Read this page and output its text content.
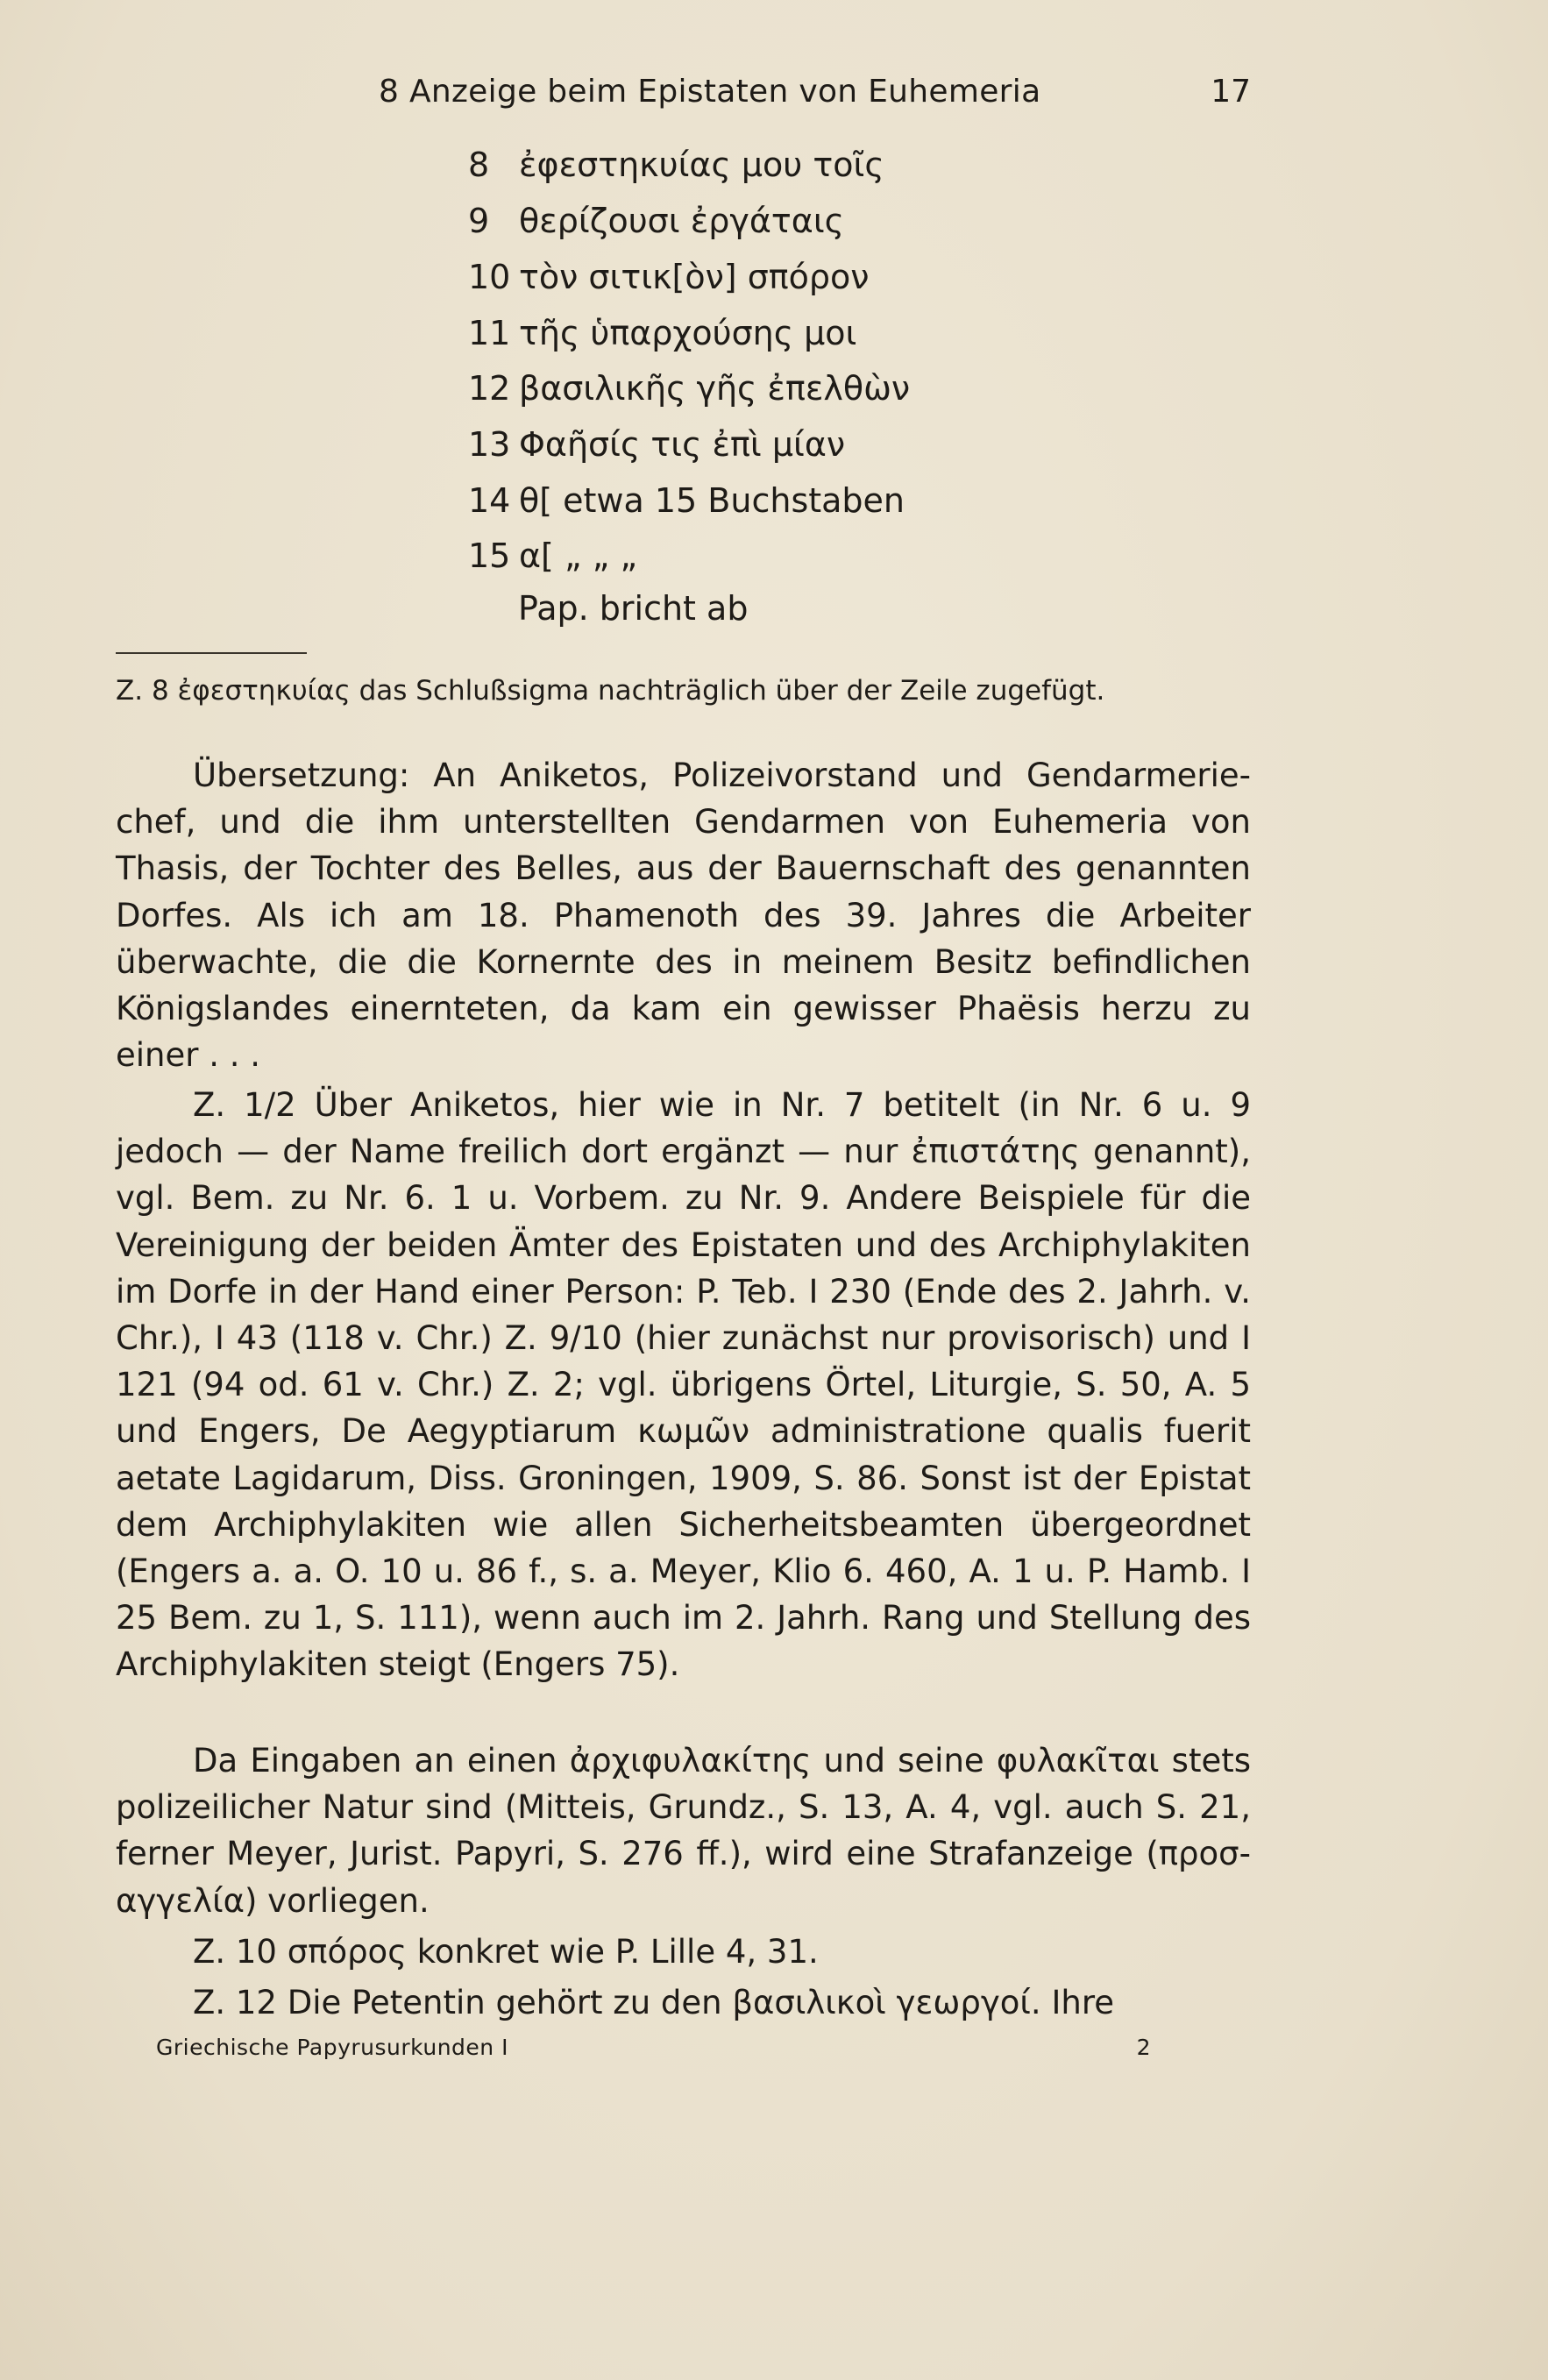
8 Anzeige beim Epistaten von Euhemeria	17
8 ἐφεστηκυίας μου τοῖς
9 θερίζουσι ἐργάταις
10 τὸν σιτικ[ὸν] σπόρον
11 τῆς ὑπαρχούσης μοι
12 βασιλικῆς γῆς ἐπελθὼν
13 Φαῆσίς τις ἐπὶ μίαν
14 θ[ etwa 15 Buchstaben
15 α[ „ „ „
Pap. bricht ab
Z. 8 ἐφεστηκυίας das Schlußsigma nachträglich über der Zeile zugefügt.
Übersetzung: An Aniketos, Polizeivorstand und Gendarmeriechef, und die ihm unterstellten Gendarmen von Euhemeria von Thasis, der Tochter des Belles, aus der Bauernschaft des genannten Dorfes. Als ich am 18. Phamenoth des 39. Jahres die Arbeiter überwachte, die die Kornernte des in meinem Besitz befindlichen Königslandes einernteten, da kam ein gewisser Phaësis herzu zu einer . . .
Z. 1/2 Über Aniketos, hier wie in Nr. 7 betitelt (in Nr. 6 u. 9 jedoch — der Name freilich dort ergänzt — nur ἐπιστάτης genannt), vgl. Bem. zu Nr. 6. 1 u. Vorbem. zu Nr. 9. Andere Beispiele für die Vereinigung der beiden Ämter des Epistaten und des Archiphylakiten im Dorfe in der Hand einer Person: P. Teb. I 230 (Ende des 2. Jahrh. v. Chr.), I 43 (118 v. Chr.) Z. 9/10 (hier zunächst nur provisorisch) und I 121 (94 od. 61 v. Chr.) Z. 2; vgl. übrigens Örtel, Liturgie, S. 50, A. 5 und Engers, De Aegyptiarum κωμῶν administratione qualis fuerit aetate Lagidarum, Diss. Groningen, 1909, S. 86. Sonst ist der Epistat dem Archiphylakiten wie allen Sicherheitsbeamten übergeordnet (Engers a. a. O. 10 u. 86 f., s. a. Meyer, Klio 6. 460, A. 1 u. P. Hamb. I 25 Bem. zu 1, S. 111), wenn auch im 2. Jahrh. Rang und Stellung des Archiphylakiten steigt (Engers 75).
Da Eingaben an einen ἀρχιφυλακίτης und seine φυλακῖται stets polizeilicher Natur sind (Mitteis, Grundz., S. 13, A. 4, vgl. auch S. 21, ferner Meyer, Jurist. Papyri, S. 276 ff.), wird eine Strafanzeige (προσαγγελία) vorliegen.
Z. 10 σπόρος konkret wie P. Lille 4, 31.
Z. 12 Die Petentin gehört zu den βασιλικοὶ γεωργοί. Ihre
Griechische Papyrusurkunden I	2
